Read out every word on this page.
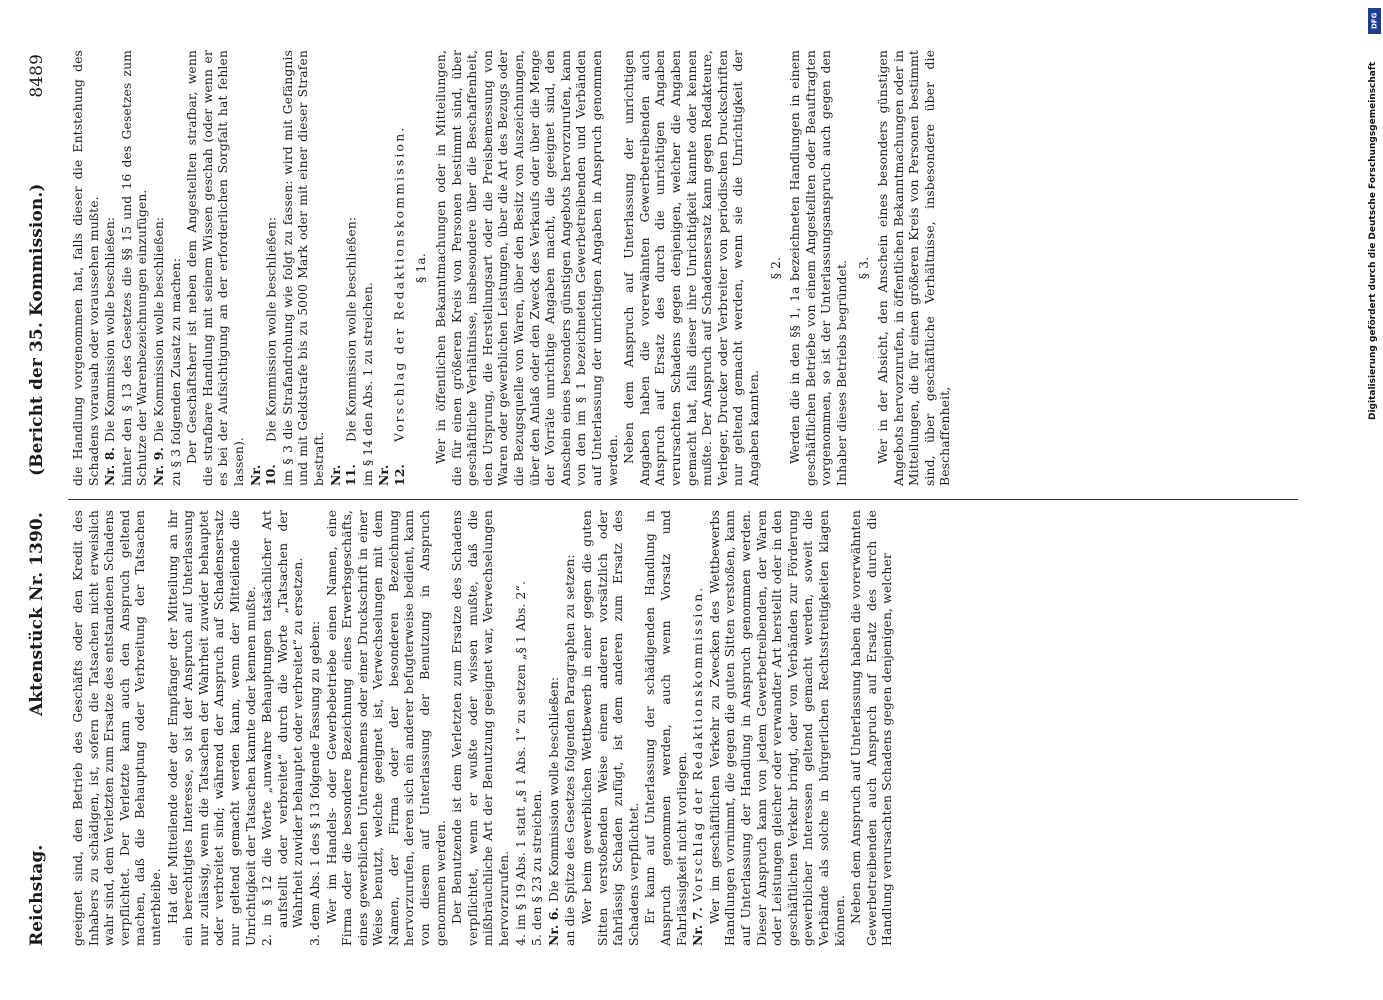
Reichstag.
Aktenstück Nr. 1390.
(Bericht der 35. Kommission.)
8489
geeignet sind, den Betrieb des Geschäfts oder den Kredit des Inhabers zu schädigen, ist, sofern die Tatsachen nicht erweislich wahr sind, dem Verletzten zum Ersatze des entstandenen Schadens verpflichtet. Der Verletzte kann auch den Anspruch geltend machen, daß die Behauptung oder Verbreitung der Tatsachen unterbleibe. Hat der Mitteilende oder der Empfänger der Mitteilung an ihr ein berechtigtes Interesse, so ist der Anspruch auf Unterlassung nur zulässig, wenn die Tatsachen der Wahrheit zuwider behauptet oder verbreitet sind; während der Anspruch auf Schadensersatz nur geltend gemacht werden kann, wenn der Mitteilende die Unrichtigkeit der Tatsachen kannte oder kennen mußte. 2. in § 12 die Worte „unwahre Behauptungen tatsächlicher Art aufstellt oder verbreitet“ durch die Worte „Tatsachen der Wahrheit zuwider behauptet oder verbreitet“ zu ersetzen. 3. dem Abs. 1 des § 13 folgende Fassung zu geben: Wer im Handels- oder Gewerbebetriebe einen Namen, eine Firma oder die besondere Bezeichnung eines Erwerbsgeschäfts, eines gewerblichen Unternehmens oder einer Druckschrift in einer Weise benutzt, welche geeignet ist, Verwechselungen mit dem Namen, der Firma oder der besonderen Bezeichnung hervorzurufen, deren sich ein anderer befugterweise bedient, kann von diesem auf Unterlassung der Benutzung in Anspruch genommen werden. Der Benutzende ist dem Verletzten zum Ersatze des Schadens verpflichtet, wenn er wußte oder wissen mußte, daß die mißbräuchliche Art der Benutzung geeignet war, Verwechselungen hervorzurufen. 4. im § 19 Abs. 1 statt „§ 1 Abs. 1“ zu setzen „§ 1 Abs. 2“. 5. den § 23 zu streichen. Nr. 6.Die Kommission wolle beschließen: an die Spitze des Gesetzes folgenden Paragraphen zu setzen: Wer beim gewerblichen Wettbewerb in einer gegen die guten Sitten verstoßenden Weise einem anderen vorsätzlich oder fahrlässig Schaden zufügt, ist dem anderen zum Ersatz des Schadens verpflichtet. Er kann auf Unterlassung der schädigenden Handlung in Anspruch genommen werden, auch wenn Vorsatz und Fahrlässigkeit nicht vorliegen. Nr. 7.Vorschlag der Redaktionskommission. Wer im geschäftlichen Verkehr zu Zwecken des Wettbewerbs Handlungen vornimmt, die gegen die guten Sitten verstoßen, kann auf Unterlassung der Handlung in Anspruch genommen werden. Dieser Anspruch kann von jedem Gewerbetreibenden, der Waren oder Leistungen gleicher oder verwandter Art herstellt oder in den geschäftlichen Verkehr bringt, oder von Verbänden zur Förderung gewerblicher Interessen geltend gemacht werden, soweit die Verbände als solche in bürgerlichen Rechtsstreitigkeiten klagen können. Neben dem Anspruch auf Unterlassung haben die vorerwähnten Gewerbetreibenden auch Anspruch auf Ersatz des durch die Handlung verursachten Schadens gegen denjenigen, welcher
die Handlung vorgenommen hat, falls dieser die Entstehung des Schadens vorausah oder voraussehen mußte. Nr. 8.Die Kommission wolle beschließen: hinter den § 13 des Gesetzes die §§ 15 und 16 des Gesetzes zum Schutze der Warenbezeichnungen einzufügen. Nr. 9.Die Kommission wolle beschließen: zu § 3 folgenden Zusatz zu machen: Der Geschäftsherr ist neben dem Angestellten strafbar, wenn die strafbare Handlung mit seinem Wissen geschah (oder wenn er es bei der Aufsichtigung an der erforderlichen Sorgfalt hat fehlen lassen). Nr. 10.Die Kommission wolle beschließen: im § 3 die Strafandrohung wie folgt zu fassen: wird mit Gefängnis und mit Geldstrafe bis zu 5000 Mark oder mit einer dieser Strafen bestraft. Nr. 11.Die Kommission wolle beschließen: im § 14 den Abs. 1 zu streichen. Nr. 12.Vorschlag der Redaktionskommission. § 1a. Wer in öffentlichen Bekanntmachungen oder in Mitteilungen, die für einen größeren Kreis von Personen bestimmt sind, über geschäftliche Verhältnisse, insbesondere über die Beschaffenheit, den Ursprung, die Herstellungsart oder die Preisbemessung von Waren oder gewerblichen Leistungen, über die Art des Bezugs oder die Bezugsquelle von Waren, über den Besitz von Auszeichnungen, über den Anlaß oder den Zweck des Verkaufs oder über die Menge der Vorräte unrichtige Angaben macht, die geeignet sind, den Anschein eines besonders günstigen Angebots hervorzurufen, kann von den im § 1 bezeichneten Gewerbetreibenden und Verbänden auf Unterlassung der unrichtigen Angaben in Anspruch genommen werden. Neben dem Anspruch auf Unterlassung der unrichtigen Angaben haben die vorerwähnten Gewerbetreibenden auch Anspruch auf Ersatz des durch die unrichtigen Angaben verursachten Schadens gegen denjenigen, welcher die Angaben gemacht hat, falls dieser ihre Unrichtigkeit kannte oder kennen mußte. Der Anspruch auf Schadensersatz kann gegen Redakteure, Verleger, Drucker oder Verbreiter von periodischen Druckschriften nur geltend gemacht werden, wenn sie die Unrichtigkeit der Angaben kannten.
§ 2. Werden die in den §§ 1, 1a bezeichneten Handlungen in einem geschäftlichen Betriebe von einem Angestellten oder Beauftragten vorgenommen, so ist der Unterlassungsanspruch auch gegen den Inhaber dieses Betriebs begründet. § 3. Wer in der Absicht, den Anschein eines besonders günstigen Angebots hervorzurufen, in öffentlichen Bekanntmachungen oder in Mitteilungen, die für einen größeren Kreis von Personen bestimmt sind, über geschäftliche Verhältnisse, insbesondere über die Beschaffenheit,
DFG
Digitalisierung gefördert durch die Deutsche Forschungsgemeinschaft
